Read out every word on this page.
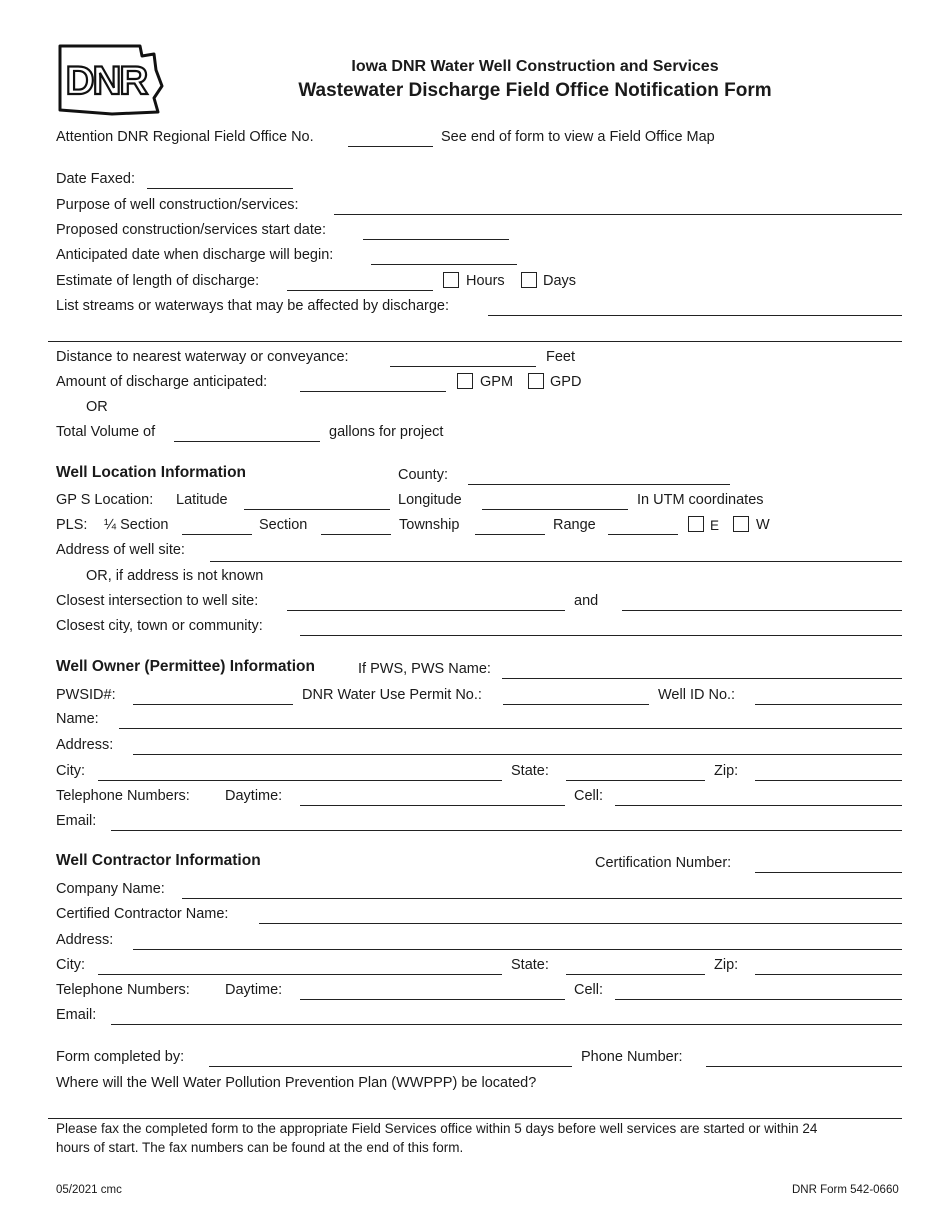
DNR	Iowa DNR Water Well Construction and Services
Wastewater Discharge Field Office Notification Form
Attention DNR Regional Field Office No.	See end of form to view a Field Office Map
Date Faxed:
Purpose of well construction/services:
Proposed construction/services start date:
Anticipated date when discharge will begin:
Estimate of length of discharge:	Hours	Days
List streams or waterways that may be affected by discharge:
Distance to nearest waterway or conveyance:	Feet
Amount of discharge anticipated:	GPM	GPD
OR
Total Volume of	gallons for project
Well Location Information	County:
GP S Location: Latitude	Longitude	In UTM coordinates
PLS: ¼ Section	Section	Township	Range	E	W
Address of well site:
OR, if address is not known
Closest intersection to well site:	and
Closest city, town or community:
Well Owner (Permittee) Information	If PWS, PWS Name:
PWSID#:	DNR Water Use Permit No.:	Well ID No.:
Name:
Address:
City:	State:	Zip:
Telephone Numbers: Daytime:	Cell:
Email:
Well Contractor Information	Certification Number:
Company Name:
Certified Contractor Name:
Address:
City:	State:	Zip:
Telephone Numbers: Daytime:	Cell:
Email:
Form completed by:	Phone Number:
Where will the Well Water Pollution Prevention Plan (WWPPP) be located?
Please fax the completed form to the appropriate Field Services office within 5 days before well services are started or within 24
hours of start. The fax numbers can be found at the end of this form.
05/2021 cmc	DNR Form 542-0660
